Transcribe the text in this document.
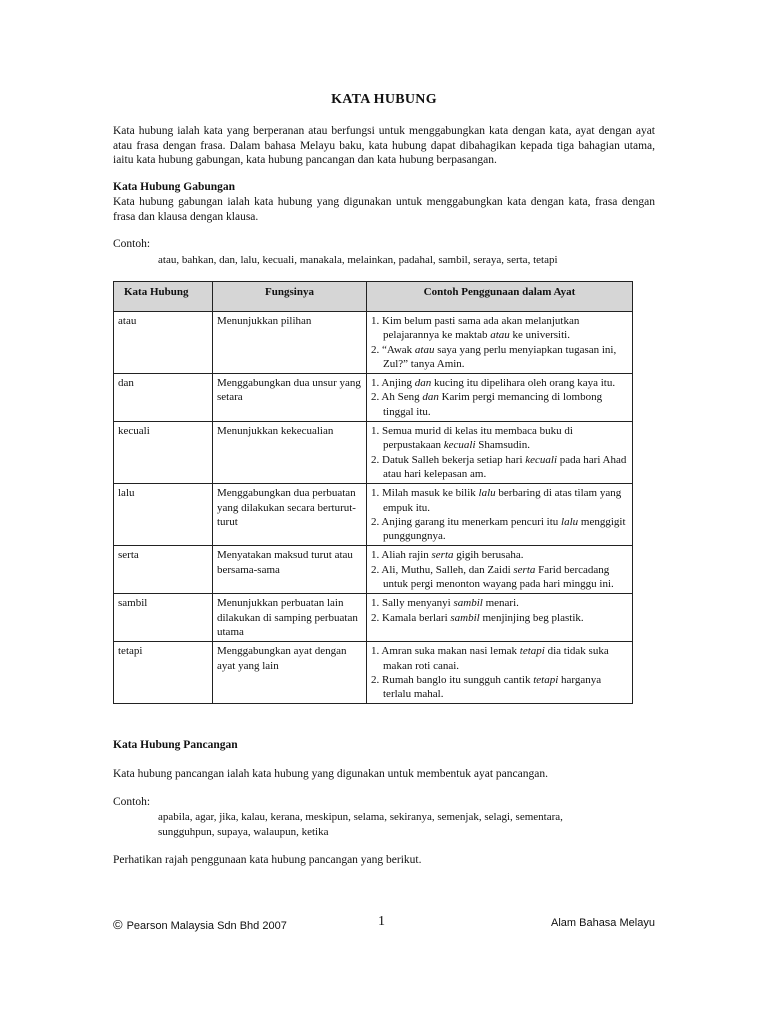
KATA HUBUNG
Kata hubung ialah kata yang berperanan atau berfungsi untuk menggabungkan kata dengan kata, ayat dengan ayat atau frasa dengan frasa. Dalam bahasa Melayu baku, kata hubung dapat dibahagikan kepada tiga bahagian utama, iaitu kata hubung gabungan, kata hubung pancangan dan kata hubung berpasangan.
Kata Hubung Gabungan
Kata hubung gabungan ialah kata hubung yang digunakan untuk menggabungkan kata dengan kata, frasa dengan frasa dan klausa dengan klausa.
Contoh:
atau, bahkan, dan, lalu, kecuali, manakala, melainkan, padahal, sambil, seraya, serta, tetapi
Kata Hubung	Fungsinya	Contoh Penggunaan dalam Ayat
atau	Menunjukkan pilihan	1. Kim belum pasti sama ada akan melanjutkan pelajarannya ke maktab atau ke universiti.
2. “Awak atau saya yang perlu menyiapkan tugasan ini, Zul?” tanya Amin.

dan	Menggabungkan dua unsur yang setara	1. Anjing dan kucing itu dipelihara oleh orang kaya itu.
2. Ah Seng dan Karim pergi memancing di lombong tinggal itu.

kecuali	Menunjukkan kekecualian	1. Semua murid di kelas itu membaca buku di perpustakaan kecuali Shamsudin.
2. Datuk Salleh bekerja setiap hari kecuali pada hari Ahad atau hari kelepasan am.

lalu	Menggabungkan dua perbuatan yang dilakukan secara berturut-turut	1. Milah masuk ke bilik lalu berbaring di atas tilam yang empuk itu.
2. Anjing garang itu menerkam pencuri itu lalu menggigit punggungnya.

serta	Menyatakan maksud turut atau bersama-sama	1. Aliah rajin serta gigih berusaha.
2. Ali, Muthu, Salleh, dan Zaidi serta Farid bercadang untuk pergi menonton wayang pada hari minggu ini.

sambil	Menunjukkan perbuatan lain dilakukan di samping perbuatan utama	1. Sally menyanyi sambil menari.
2. Kamala berlari sambil menjinjing beg plastik.

tetapi	Menggabungkan ayat dengan ayat yang lain	1. Amran suka makan nasi lemak tetapi dia tidak suka makan roti canai.
2. Rumah banglo itu sungguh cantik tetapi harganya terlalu mahal.
Kata Hubung Pancangan
Kata hubung pancangan ialah kata hubung yang digunakan untuk membentuk ayat pancangan.
Contoh:
apabila, agar, jika, kalau, kerana, meskipun, selama, sekiranya, semenjak, selagi, sementara,
sungguhpun, supaya, walaupun, ketika
Perhatikan rajah penggunaan kata hubung pancangan yang berikut.
© Pearson Malaysia Sdn Bhd 2007	1	Alam Bahasa Melayu
